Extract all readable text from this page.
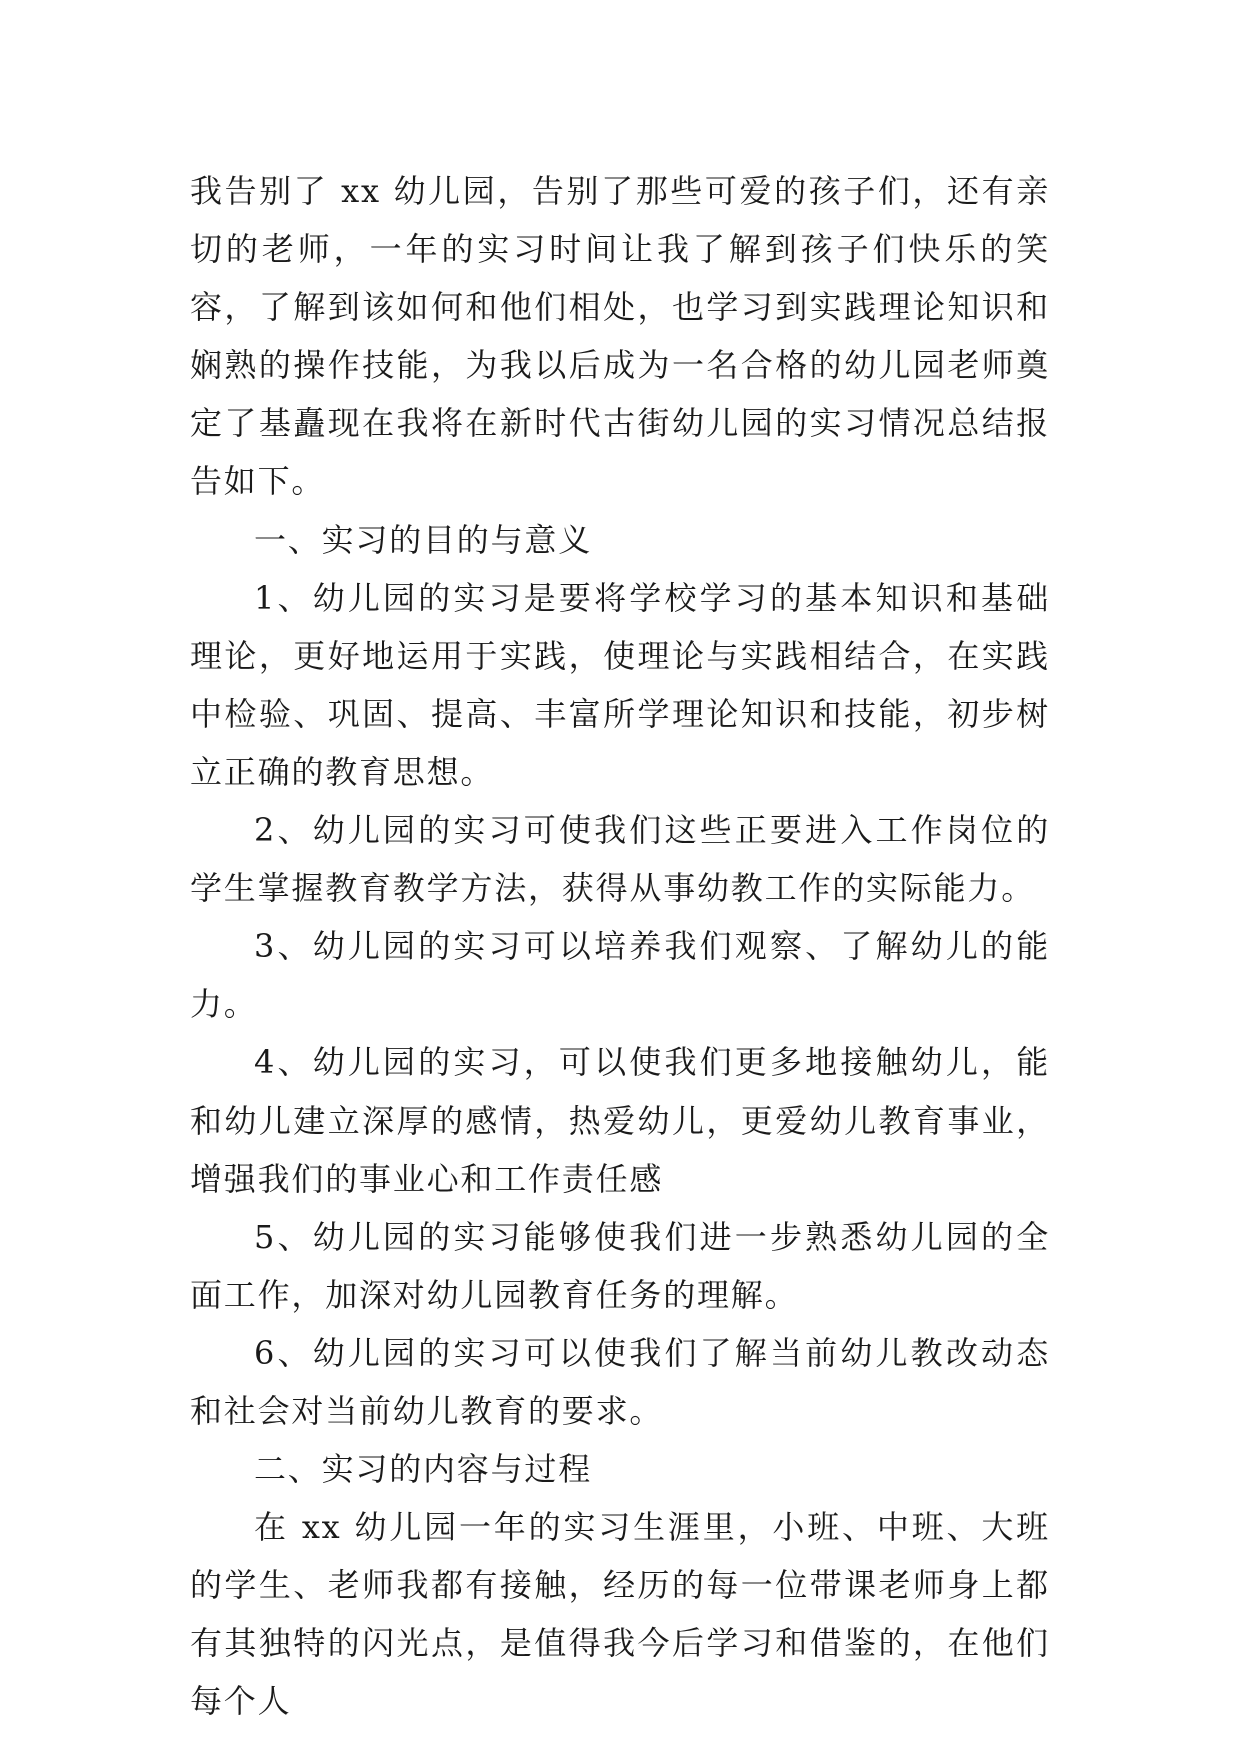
我告别了 xx 幼儿园，告别了那些可爱的孩子们，还有亲切的老师，一年的实习时间让我了解到孩子们快乐的笑容，了解到该如何和他们相处，也学习到实践理论知识和娴熟的操作技能，为我以后成为一名合格的幼儿园老师奠定了基矗现在我将在新时代古街幼儿园的实习情况总结报告如下。

一、实习的目的与意义

1、幼儿园的实习是要将学校学习的基本知识和基础理论，更好地运用于实践，使理论与实践相结合，在实践中检验、巩固、提高、丰富所学理论知识和技能，初步树立正确的教育思想。

2、幼儿园的实习可使我们这些正要进入工作岗位的学生掌握教育教学方法，获得从事幼教工作的实际能力。

3、幼儿园的实习可以培养我们观察、了解幼儿的能力。

4、幼儿园的实习，可以使我们更多地接触幼儿，能和幼儿建立深厚的感情，热爱幼儿，更爱幼儿教育事业，增强我们的事业心和工作责任感

5、幼儿园的实习能够使我们进一步熟悉幼儿园的全面工作，加深对幼儿园教育任务的理解。

6、幼儿园的实习可以使我们了解当前幼儿教改动态和社会对当前幼儿教育的要求。

二、实习的内容与过程

在 xx 幼儿园一年的实习生涯里，小班、中班、大班的学生、老师我都有接触，经历的每一位带课老师身上都有其独特的闪光点，是值得我今后学习和借鉴的，在他们每个人
